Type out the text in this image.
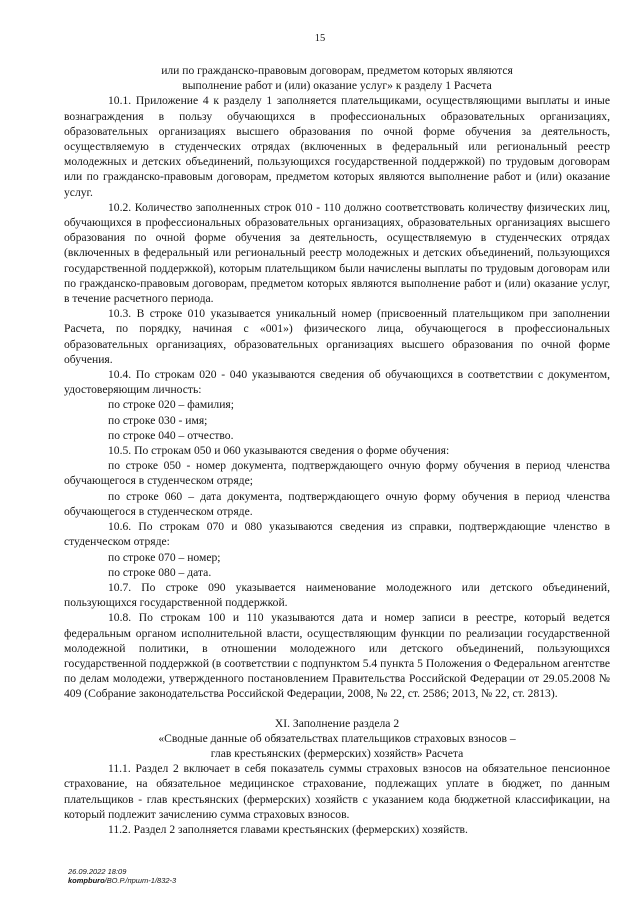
15
или по гражданско-правовым договорам, предметом которых являются
выполнение работ и (или) оказание услуг» к разделу 1 Расчета

10.1. Приложение 4 к разделу 1 заполняется плательщиками, осуществляющими выплаты и иные вознаграждения в пользу обучающихся в профессиональных образовательных организациях, образовательных организациях высшего образования по очной форме обучения за деятельность, осуществляемую в студенческих отрядах (включенных в федеральный или региональный реестр молодежных и детских объединений, пользующихся государственной поддержкой) по трудовым договорам или по гражданско-правовым договорам, предметом которых являются выполнение работ и (или) оказание услуг.

10.2. Количество заполненных строк 010 - 110 должно соответствовать количеству физических лиц, обучающихся в профессиональных образовательных организациях, образовательных организациях высшего образования по очной форме обучения за деятельность, осуществляемую в студенческих отрядах (включенных в федеральный или региональный реестр молодежных и детских объединений, пользующихся государственной поддержкой), которым плательщиком были начислены выплаты по трудовым договорам или по гражданско-правовым договорам, предметом которых являются выполнение работ и (или) оказание услуг, в течение расчетного периода.

10.3. В строке 010 указывается уникальный номер (присвоенный плательщиком при заполнении Расчета, по порядку, начиная с «001») физического лица, обучающегося в профессиональных образовательных организациях, образовательных организациях высшего образования по очной форме обучения.

10.4. По строкам 020 - 040 указываются сведения об обучающихся в соответствии с документом, удостоверяющим личность:

по строке 020 – фамилия;
по строке 030 - имя;
по строке 040 – отчество.

10.5. По строкам 050 и 060 указываются сведения о форме обучения:

по строке 050 - номер документа, подтверждающего очную форму обучения в период членства обучающегося в студенческом отряде;

по строке 060 – дата документа, подтверждающего очную форму обучения в период членства обучающегося в студенческом отряде.

10.6. По строкам 070 и 080 указываются сведения из справки, подтверждающие членство в студенческом отряде:

по строке 070 – номер;
по строке 080 – дата.

10.7. По строке 090 указывается наименование молодежного или детского объединений, пользующихся государственной поддержкой.

10.8. По строкам 100 и 110 указываются дата и номер записи в реестре, который ведется федеральным органом исполнительной власти, осуществляющим функции по реализации государственной молодежной политики, в отношении молодежного или детского объединений, пользующихся государственной поддержкой (в соответствии с подпунктом 5.4 пункта 5 Положения о Федеральном агентстве по делам молодежи, утвержденного постановлением Правительства Российской Федерации от 29.05.2008 № 409 (Собрание законодательства Российской Федерации, 2008, № 22, ст. 2586; 2013, № 22, ст. 2813).

XI. Заполнение раздела 2
«Сводные данные об обязательствах плательщиков страховых взносов –
глав крестьянских (фермерских) хозяйств» Расчета

11.1. Раздел 2 включает в себя показатель суммы страховых взносов на обязательное пенсионное страхование, на обязательное медицинское страхование, подлежащих уплате в бюджет, по данным плательщиков - глав крестьянских (фермерских) хозяйств с указанием кода бюджетной классификации, на который подлежит зачислению сумма страховых взносов.

11.2. Раздел 2 заполняется главами крестьянских (фермерских) хозяйств.

26.09.2022 18:09
kompburo/ВО.Р./пршт-1/832-3
